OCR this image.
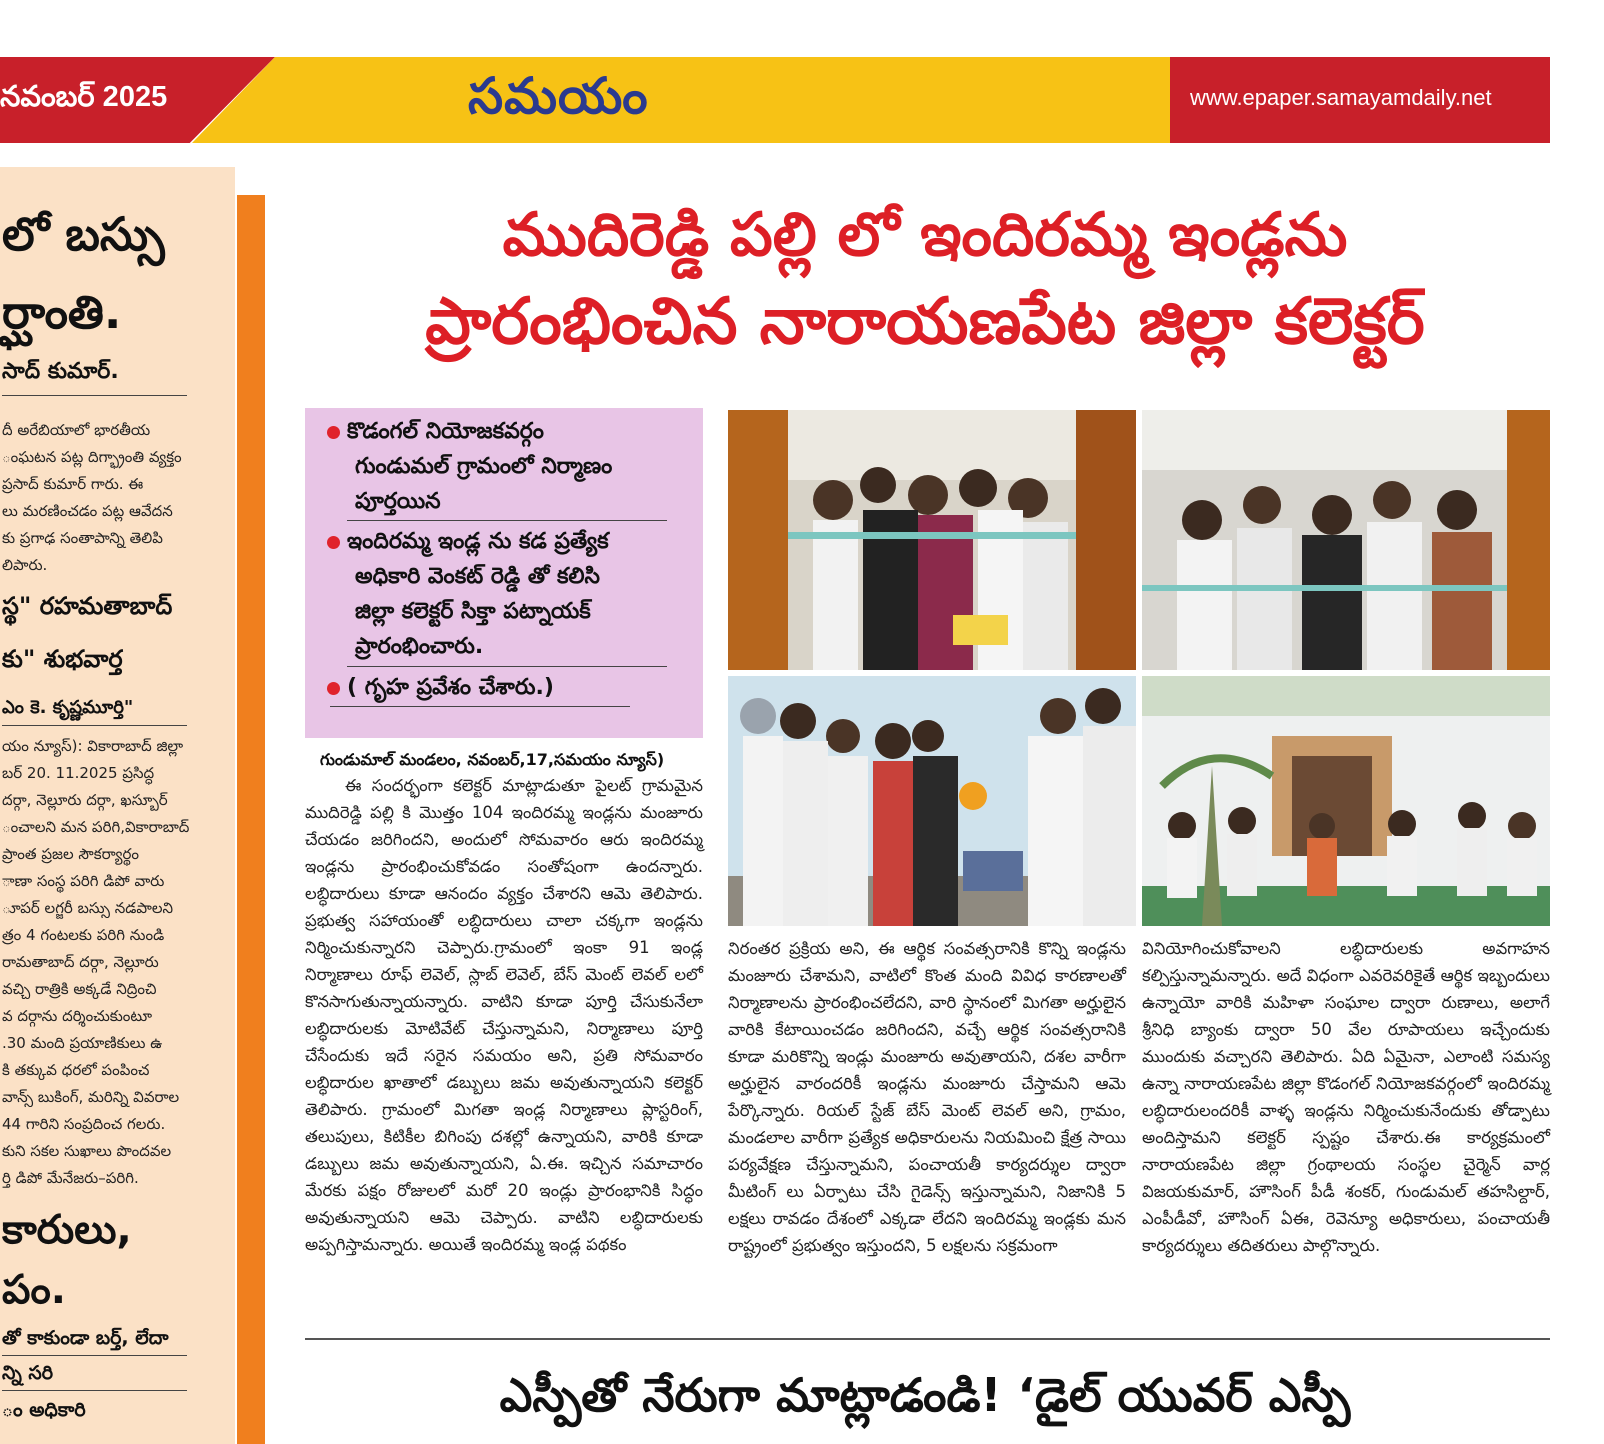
నవంబర్ 2025	సమయం	www.epaper.samayamdaily.net
లో బస్సు
ర్ఘాంతి.
సాద్ కుమార్.
దీ అరేబియాలో భారతీయ
ంఘటన పట్ల దిగ్భ్రాంతి వ్యక్తం
ప్రసాద్ కుమార్ గారు. ఈ
లు మరణించడం పట్ల ఆవేదన
కు ప్రగాఢ సంతాపాన్ని తెలిపి
లిపారు.
స్థ" రహమతాబాద్
కు" శుభవార్త
ఎం కె. కృష్ణమూర్తి"
యం న్యూస్): వికారాబాద్ జిల్లా
బర్ 20. 11.2025 ప్రసిద్ధ
దర్గా, నెల్లూరు దర్గా, ఖస్బూర్
ంచాలని మన పరిగి,వికారాబాద్
ప్రాంత ప్రజల సౌకర్యార్థం
ాణా సంస్థ పరిగి డిపో వారు
ూపర్ లగ్జరీ బస్సు నడపాలని
త్రం 4 గంటలకు పరిగి నుండి
రామతాబాద్ దర్గా, నెల్లూరు
వచ్చి రాత్రికి అక్కడే నిద్రించి
వ దర్గాను దర్శించుకుంటూ
.30 మంది ప్రయాణికులు ఉ
కి తక్కువ ధరలో పంపించ
వాన్స్ బుకింగ్, మరిన్ని వివరాల
44 గారిని సంప్రదించ గలరు.
కుని సకల సుఖాలు పొందవల
ర్తి డిపో మేనేజరు–పరిగి.
కారులు,
పం.
తో కాకుండా బర్త్, లేదా
న్ని సరి
ం అధికారి
ముదిరెడ్డి పల్లి లో ఇందిరమ్మ ఇండ్లను
ప్రారంభించిన నారాయణపేట జిల్లా కలెక్టర్
కొడంగల్ నియోజకవర్గం
గుండుమల్ గ్రామంలో నిర్మాణం
పూర్తయిన
ఇందిరమ్మ ఇండ్ల ను కడ ప్రత్యేక
అధికారి వెంకట్ రెడ్డి తో కలిసి
జిల్లా కలెక్టర్ సిక్తా పట్నాయక్
ప్రారంభించారు.
( గృహ ప్రవేశం చేశారు.)
గుండుమాల్ మండలం, నవంబర్,17,సమయం న్యూస్)

ఈ సందర్భంగా కలెక్టర్ మాట్లాడుతూ పైలట్ గ్రామమైన ముదిరెడ్డి పల్లి కి మొత్తం 104 ఇందిరమ్మ ఇండ్లను మంజూరు చేయడం జరిగిందని, అందులో సోమవారం ఆరు ఇందిరమ్మ ఇండ్లను ప్రారంభించుకోవడం సంతోషంగా ఉందన్నారు. లబ్ధిదారులు కూడా ఆనందం వ్యక్తం చేశారని ఆమె తెలిపారు. ప్రభుత్వ సహాయంతో లబ్ధిదారులు చాలా చక్కగా ఇండ్లను నిర్మించుకున్నారని చెప్పారు.గ్రామంలో ఇంకా 91 ఇండ్ల నిర్మాణాలు రూఫ్ లెవెల్, స్లాబ్ లెవెల్, బేస్ మెంట్ లెవల్ లలో కొనసాగుతున్నాయన్నారు. వాటిని కూడా పూర్తి చేసుకునేలా లబ్ధిదారులకు మోటివేట్ చేస్తున్నామని, నిర్మాణాలు పూర్తి చేసేందుకు ఇదే సరైన సమయం అని, ప్రతి సోమవారం లబ్ధిదారుల ఖాతాలో డబ్బులు జమ అవుతున్నాయని కలెక్టర్ తెలిపారు. గ్రామంలో మిగతా ఇండ్ల నిర్మాణాలు ప్లాస్టరింగ్, తలుపులు, కిటికీల బిగింపు దశల్లో ఉన్నాయని, వారికి కూడా డబ్బులు జమ అవుతున్నాయని, ఏ.ఈ. ఇచ్చిన సమాచారం మేరకు పక్షం రోజులలో మరో 20 ఇండ్లు ప్రారంభానికి సిద్ధం అవుతున్నాయని ఆమె చెప్పారు. వాటిని లబ్ధిదారులకు అప్పగిస్తామన్నారు. అయితే ఇందిరమ్మ ఇండ్ల పథకం

నిరంతర ప్రక్రియ అని, ఈ ఆర్థిక సంవత్సరానికి కొన్ని ఇండ్లను మంజూరు చేశామని, వాటిలో కొంత మంది వివిధ కారణాలతో నిర్మాణాలను ప్రారంభించలేదని, వారి స్థానంలో మిగతా అర్హులైన వారికి కేటాయించడం జరిగిందని, వచ్చే ఆర్థిక సంవత్సరానికి కూడా మరికొన్ని ఇండ్లు మంజూరు అవుతాయని, దశల వారీగా అర్హులైన వారందరికీ ఇండ్లను మంజూరు చేస్తామని ఆమె పేర్కొన్నారు. రియల్ స్టేజ్ బేస్ మెంట్ లెవల్ అని, గ్రామం, మండలాల వారీగా ప్రత్యేక అధికారులను నియమించి క్షేత్ర సాయి పర్యవేక్షణ చేస్తున్నామని, పంచాయతీ కార్యదర్శుల ద్వారా మీటింగ్ లు ఏర్పాటు చేసి గైడెన్స్ ఇస్తున్నామని, నిజానికి 5 లక్షలు రావడం దేశంలో ఎక్కడా లేదని ఇందిరమ్మ ఇండ్లకు మన రాష్ట్రంలో ప్రభుత్వం ఇస్తుందని, 5 లక్షలను సక్రమంగా

వినియోగించుకోవాలని లబ్ధిదారులకు అవగాహన కల్పిస్తున్నామన్నారు. అదే విధంగా ఎవరెవరికైతే ఆర్థిక ఇబ్బందులు ఉన్నాయో వారికి మహిళా సంఘాల ద్వారా రుణాలు, అలాగే శ్రీనిధి బ్యాంకు ద్వారా 50 వేల రూపాయలు ఇచ్చేందుకు ముందుకు వచ్చారని తెలిపారు. ఏది ఏమైనా, ఎలాంటి సమస్య ఉన్నా నారాయణపేట జిల్లా కొడంగల్ నియోజకవర్గంలో ఇందిరమ్మ లబ్ధిదారులందరికీ వాళ్ళ ఇండ్లను నిర్మించుకునేందుకు తోడ్పాటు అందిస్తామని కలెక్టర్ స్పష్టం చేశారు.ఈ కార్యక్రమంలో నారాయణపేట జిల్లా గ్రంథాలయ సంస్థల చైర్మెన్ వార్ల విజయకుమార్, హౌసింగ్ పీడీ శంకర్, గుండుమల్ తహసిల్దార్, ఎంపీడీవో, హౌసింగ్ ఏఈ, రెవెన్యూ అధికారులు, పంచాయతీ కార్యదర్శులు తదితరులు పాల్గొన్నారు.

ఎస్పీతో నేరుగా మాట్లాడండి! ‘డైల్ యువర్ ఎస్పీ
